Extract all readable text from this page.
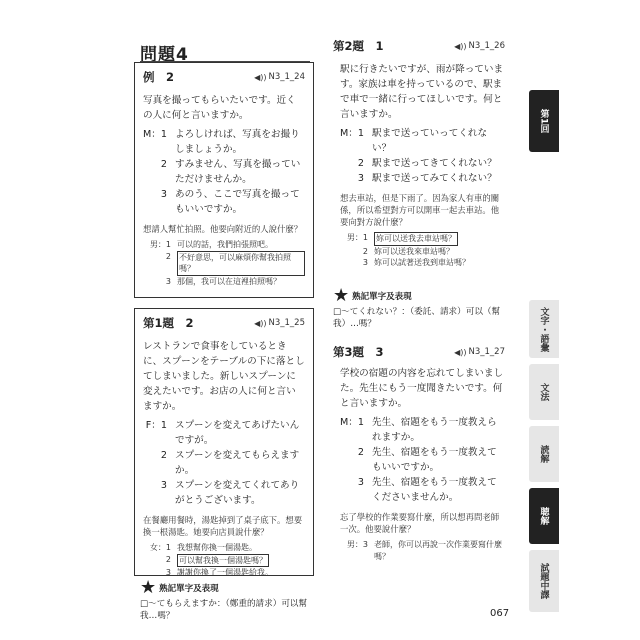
問題4
例　2	◀)) N3_1_24
写真を撮ってもらいたいです。近くの人に何と言いますか。
M：1 よろしければ、写真をお撮りしましょうか。
2 すみません、写真を撮っていただけませんか。
3 あのう、ここで写真を撮ってもいいですか。
想請人幫忙拍照。他要向附近的人說什麼？
男：1 可以的話，我們拍張照吧。
2	不好意思，可以麻煩你幫我拍照嗎？
3 那個，我可以在這裡拍照嗎？
第1題　2	◀)) N3_1_25
レストランで食事をしているときに、スプーンをテーブルの下に落としてしまいました。新しいスプーンに変えたいです。お店の人に何と言いますか。
F：1 スプーンを変えてあげたいんですが。
2 スプーンを変えてもらえますか。
3 スプーンを変えてくれてありがとうございます。
在餐廳用餐時，湯匙掉到了桌子底下。想要換一根湯匙。她要向店員說什麼？
女：1 我想幫你換一個湯匙。
2	可以幫我換一個湯匙嗎？
3 謝謝你換了一個湯匙給我。
★ 熟記單字及表現
□〜てもらえますか：（鄭重的請求）可以幫我…嗎？
第2題　1	◀)) N3_1_26
駅に行きたいですが、雨が降っています。家族は車を持っているので、駅まで車で一緒に行ってほしいです。何と言いますか。
M：1 駅まで送っていってくれない？
2 駅まで送ってきてくれない？
3 駅まで送ってみてくれない？
想去車站，但是下雨了。因為家人有車的關係，所以希望對方可以開車一起去車站。他要向對方說什麼？
男：1	妳可以送我去車站嗎？
2 妳可以送我來車站嗎？
3 妳可以試著送我到車站嗎？
★ 熟記單字及表現
□〜てくれない？：（委託、請求）可以（幫我）…嗎？
第3題　3	◀)) N3_1_27
学校の宿題の内容を忘れてしまいました。先生にもう一度聞きたいです。何と言いますか。
M：1 先生、宿題をもう一度教えられますか。
2 先生、宿題をもう一度教えてもいいですか。
3 先生、宿題をもう一度教えてくださいませんか。
忘了學校的作業要寫什麼，所以想再問老師一次。他要說什麼？
男：3 老師，你可以再說一次作業要寫什麼嗎？
第1回
文字・語彙
文法
読解
聴解
試題中譯
067
